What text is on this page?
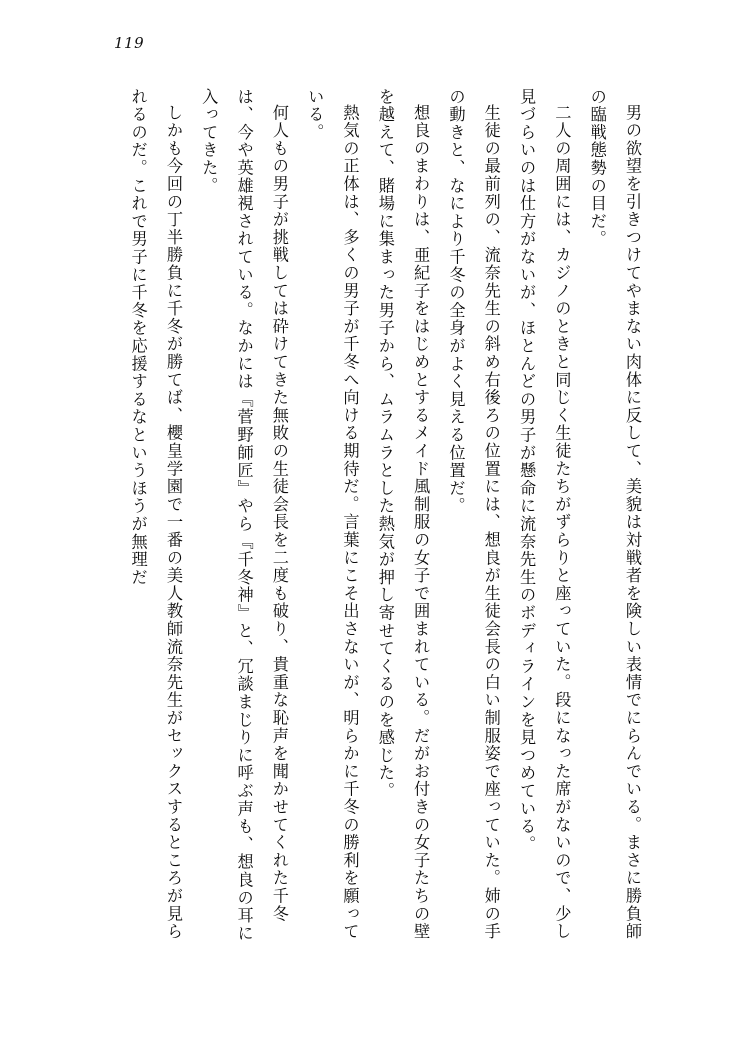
119

男の欲望を引きつけてやまない肉体に反して、美貌は対戦者を険しい表情でにらんでいる。まさに勝負師の臨戦態勢の目だ。

二人の周囲には、カジノのときと同じく生徒たちがずらりと座っていた。段になった席がないので、少し見づらいのは仕方がないが、ほとんどの男子が懸命に流奈先生のボディラインを見つめている。

生徒の最前列の、流奈先生の斜め右後ろの位置には、想良が生徒会長の白い制服姿で座っていた。姉の手の動きと、なにより千冬の全身がよく見える位置だ。

想良のまわりは、亜紀子をはじめとするメイド風制服の女子で囲まれている。だがお付きの女子たちの壁を越えて、賭場に集まった男子から、ムラムラとした熱気が押し寄せてくるのを感じた。

熱気の正体は、多くの男子が千冬へ向ける期待だ。言葉にこそ出さないが、明らかに千冬の勝利を願っている。

何人もの男子が挑戦しては砕けてきた無敗の生徒会長を二度も破り、貴重な恥声を聞かせてくれた千冬は、今や英雄視されている。なかには『菅野師匠』やら『千冬神』と、冗談まじりに呼ぶ声も、想良の耳に入ってきた。

しかも今回の丁半勝負に千冬が勝てば、櫻皇学園で一番の美人教師流奈先生がセックスするところが見られるのだ。これで男子に千冬を応援するなというほうが無理だ
